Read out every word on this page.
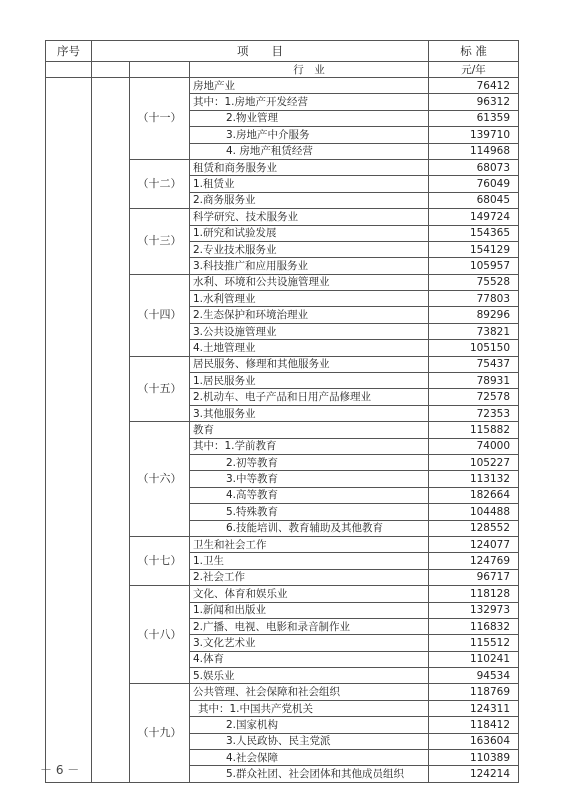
序号	项　　目			标 准
			行　业	元/年
		（十一）	房地产业	76412
			其中：1.房地产开发经营	96312
			2.物业管理	61359
			3.房地产中介服务	139710
			4. 房地产租赁经营	114968
		（十二）	租赁和商务服务业	68073
			1.租赁业	76049
			2.商务服务业	68045
		（十三）	科学研究、技术服务业	149724
			1.研究和试验发展	154365
			2.专业技术服务业	154129
			3.科技推广和应用服务业	105957
		（十四）	水利、环境和公共设施管理业	75528
			1.水利管理业	77803
			2.生态保护和环境治理业	89296
			3.公共设施管理业	73821
			4.土地管理业	105150
		（十五）	居民服务、修理和其他服务业	75437
			1.居民服务业	78931
			2.机动车、电子产品和日用产品修理业	72578
			3.其他服务业	72353
		（十六）	教育	115882
			其中：1.学前教育	74000
			2.初等教育	105227
			3.中等教育	113132
			4.高等教育	182664
			5.特殊教育	104488
			6.技能培训、教育辅助及其他教育	128552
		（十七）	卫生和社会工作	124077
			1.卫生	124769
			2.社会工作	96717
		（十八）	文化、体育和娱乐业	118128
			1.新闻和出版业	132973
			2.广播、电视、电影和录音制作业	116832
			3.文化艺术业	115512
			4.体育	110241
			5.娱乐业	94534
		（十九）	公共管理、社会保障和社会组织	118769
			其中：1.中国共产党机关	124311
			2.国家机构	118412
			3.人民政协、民主党派	163604
			4.社会保障	110389
			5.群众社团、社会团体和其他成员组织	124214
－ 6 －
